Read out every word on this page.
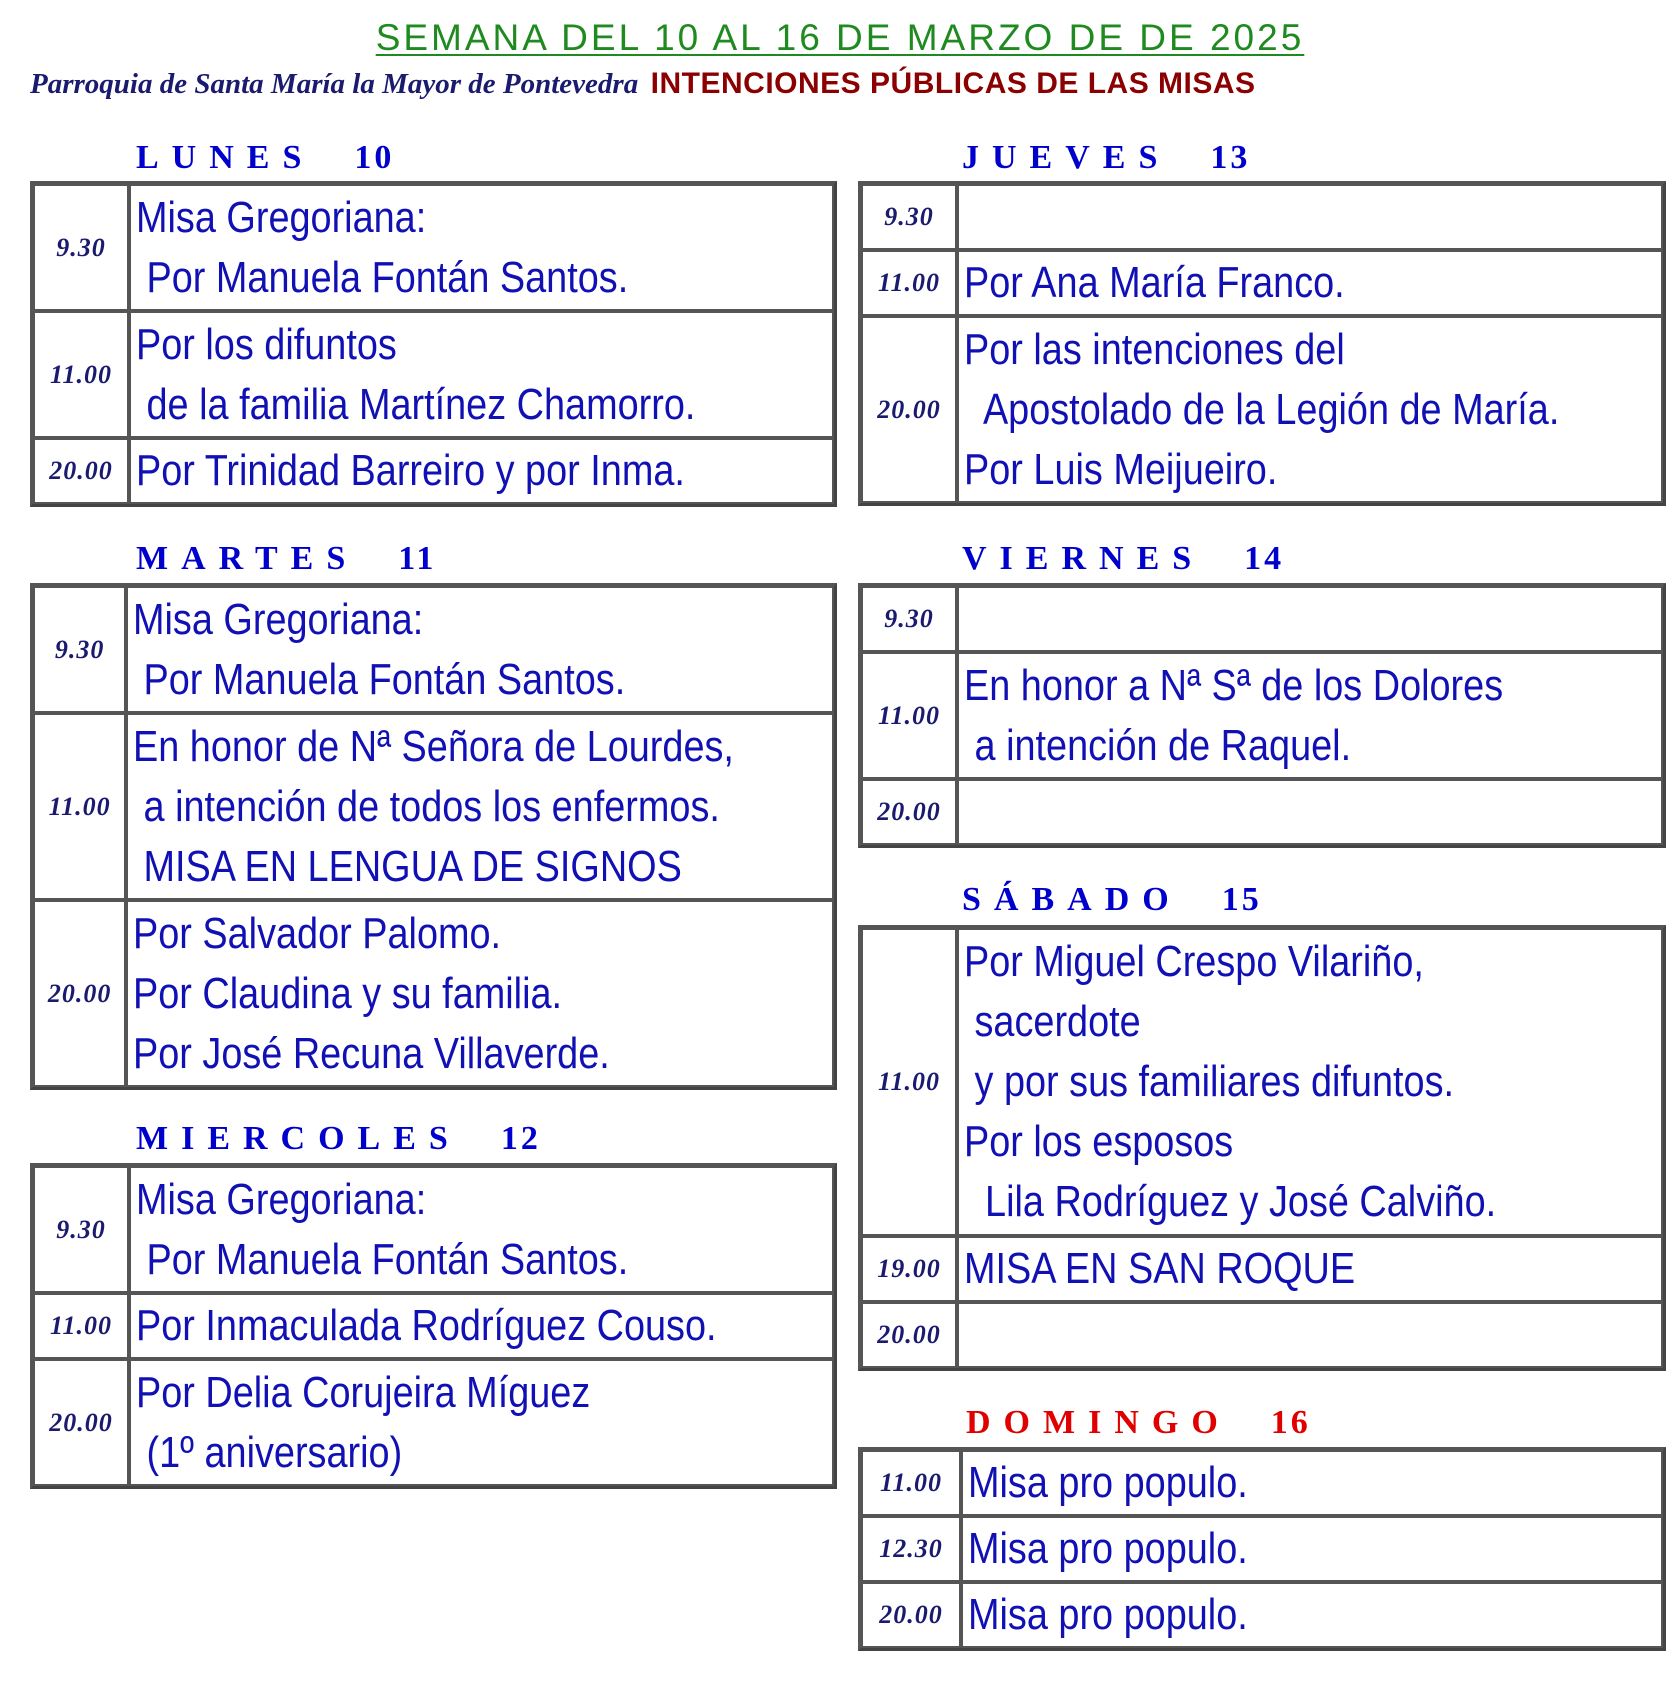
SEMANA DEL 10 AL 16 DE MARZO DE DE 2025
Parroquia de Santa María la Mayor de Pontevedra INTENCIONES PÚBLICAS DE LAS MISAS
LUNES 10
9.30	Misa Gregoriana:
Por Manuela Fontán Santos.
11.00	Por los difuntos
de la familia Martínez Chamorro.
20.00	Por Trinidad Barreiro y por Inma.
MARTES 11
9.30	Misa Gregoriana:
Por Manuela Fontán Santos.
11.00	En honor de Nª Señora de Lourdes,
a intención de todos los enfermos.
MISA EN LENGUA DE SIGNOS
20.00	Por Salvador Palomo.
Por Claudina y su familia.
Por José Recuna Villaverde.
MIERCOLES 12
9.30	Misa Gregoriana:
Por Manuela Fontán Santos.
11.00	Por Inmaculada Rodríguez Couso.
20.00	Por Delia Corujeira Míguez
(1º aniversario)
JUEVES 13
9.30	
11.00	Por Ana María Franco.
20.00	Por las intenciones del
Apostolado de la Legión de María.
Por Luis Meijueiro.
VIERNES 14
9.30	
11.00	En honor a Nª Sª de los Dolores
a intención de Raquel.
20.00	
SÁBADO 15
11.00	Por Miguel Crespo Vilariño,
sacerdote
y por sus familiares difuntos.
Por los esposos
Lila Rodríguez y José Calviño.
19.00	MISA EN SAN ROQUE
20.00	
DOMINGO 16
11.00	Misa pro populo.
12.30	Misa pro populo.
20.00	Misa pro populo.
